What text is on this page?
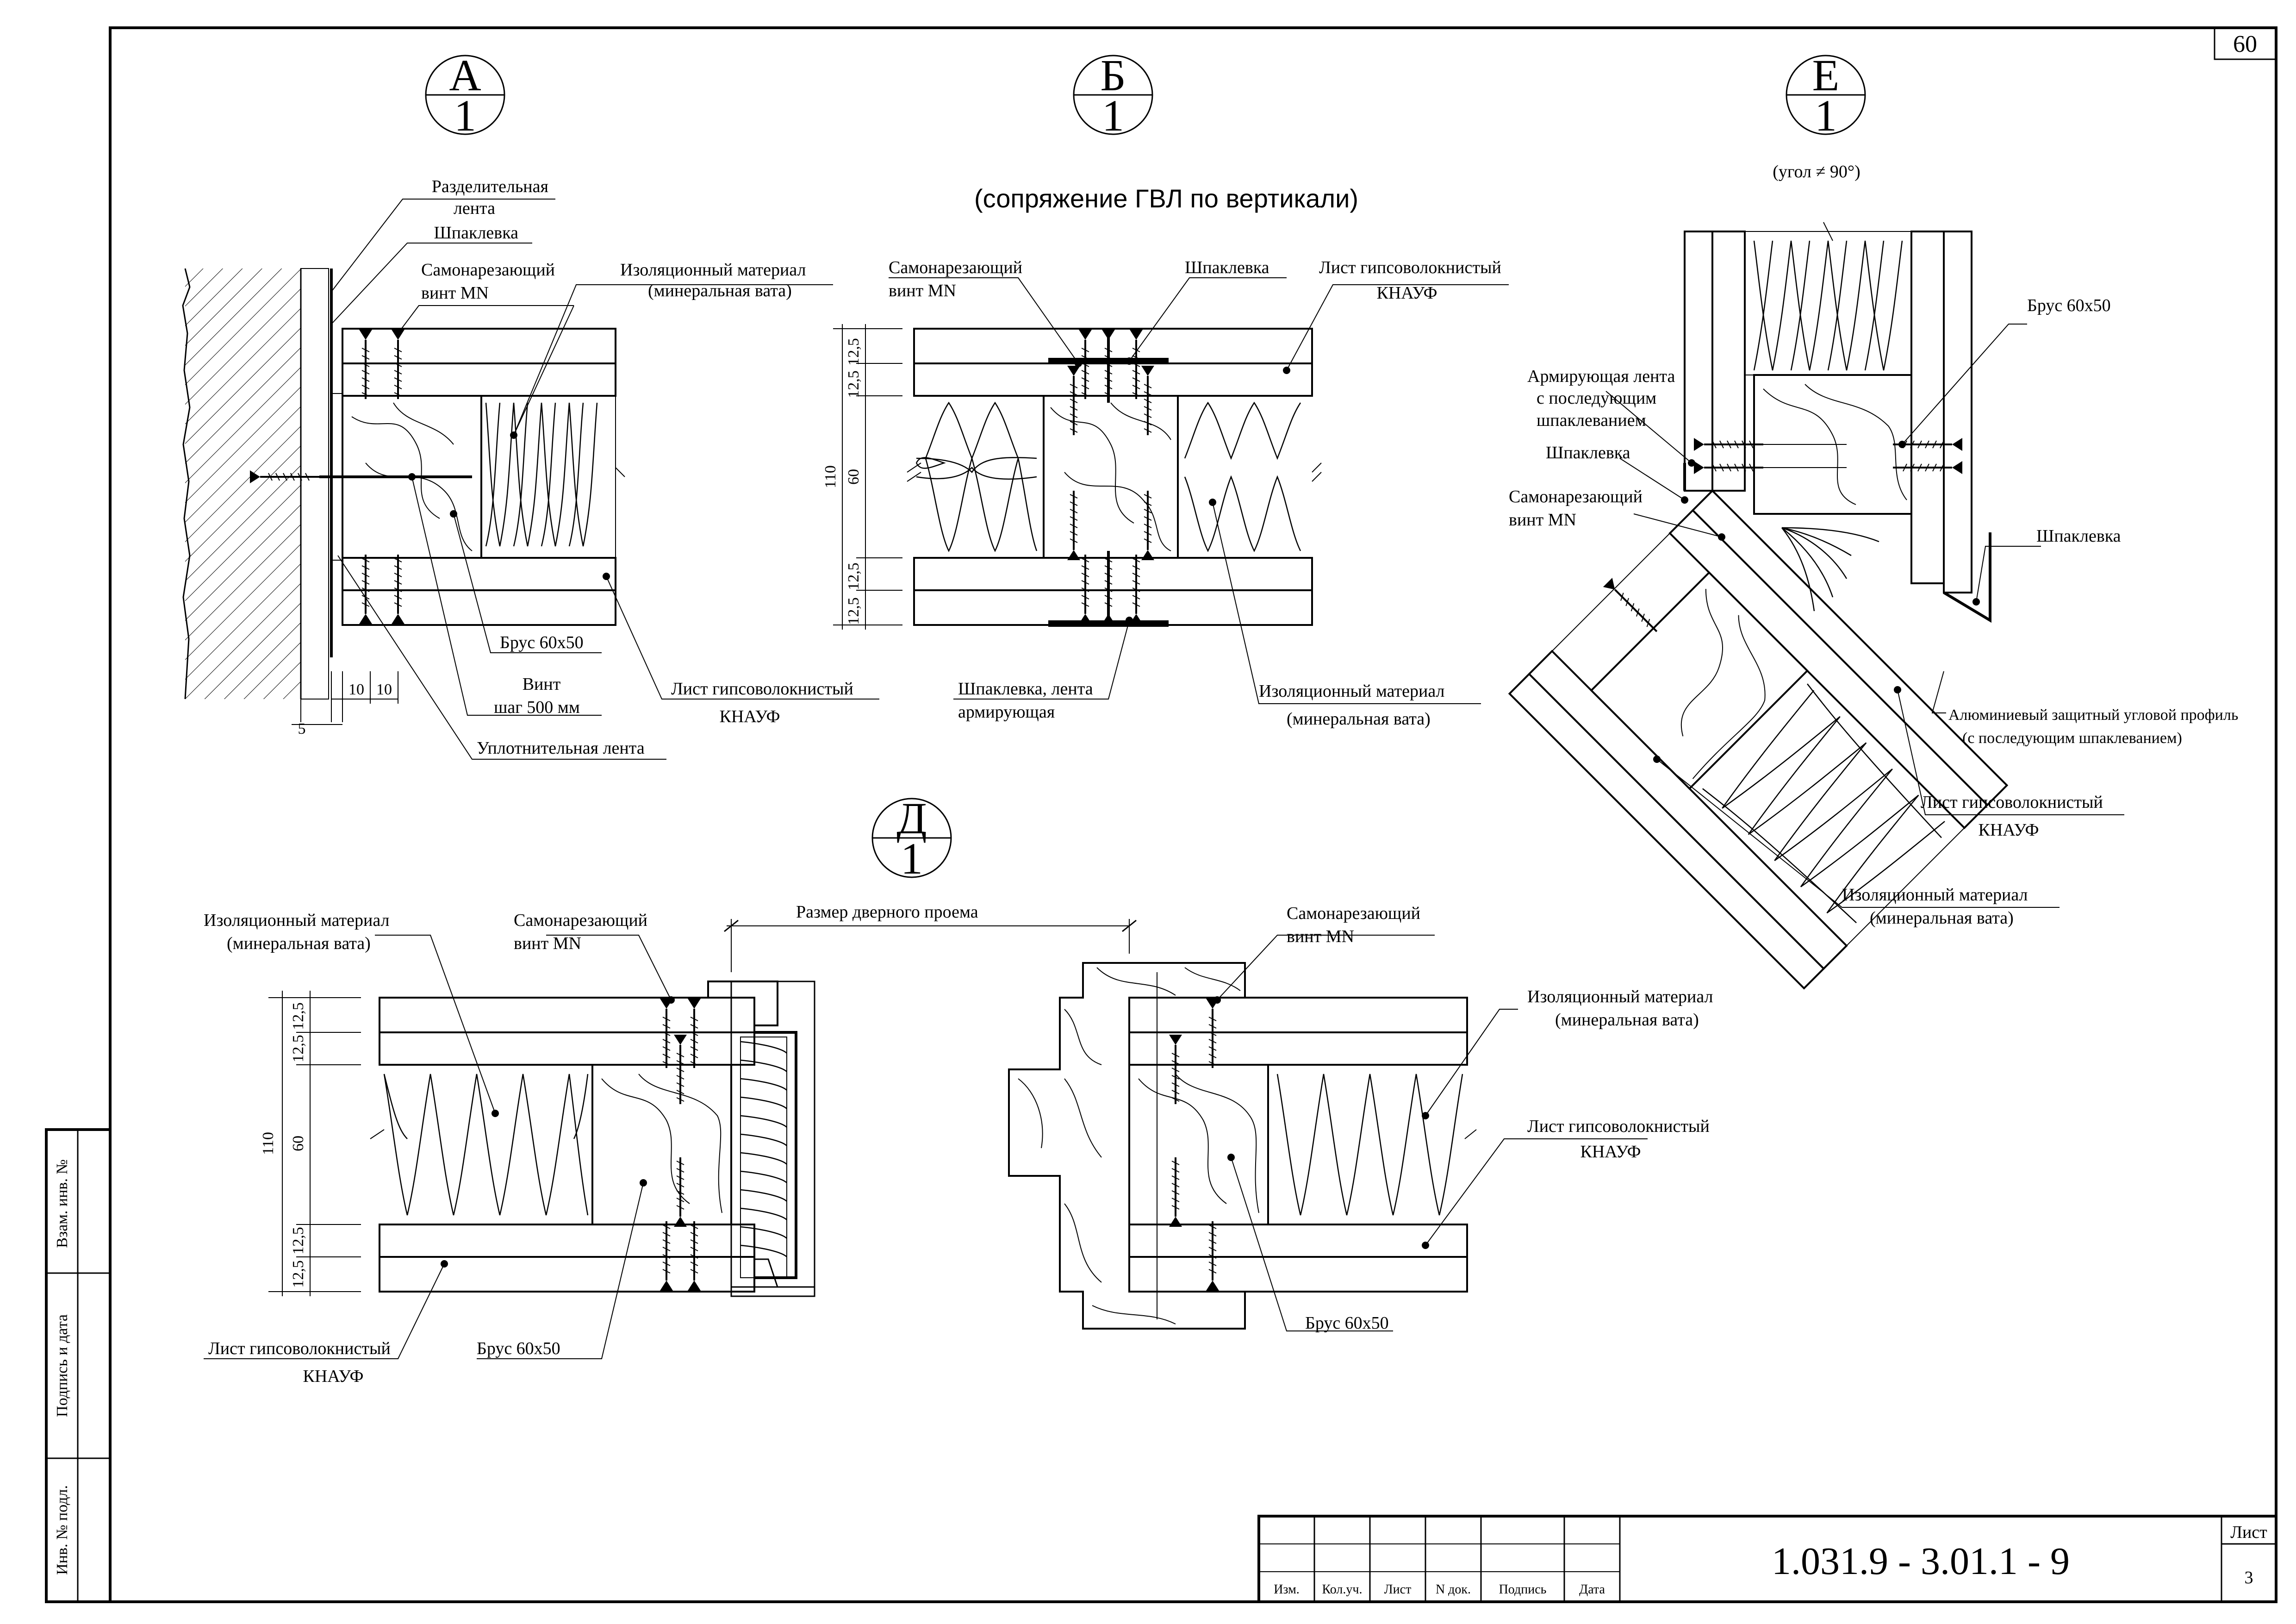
60
Взам. инв. №
Подпись и дата
Инв. № подл.
Изм. Кол.уч. Лист N док. Подпись	Дата
1.031.9 - 3.01.1 - 9
Лист
3
А
1
Б
1
Е
1
Д
1
(сопряжение ГВЛ по вертикали)
(угол ≠ 90°)
10 10
5
Разделительная
лента
Шпаклевка
Самонарезающий
винт MN
Изоляционный материал
(минеральная вата)
Брус 60х50
Винт
шаг 500 мм
Лист гипсоволокнистый
КНАУФ
Уплотнительная лента
12,5
12,5
110 60
12,5
12,5
Самонарезающий
винт MN
Шпаклевка	Лист гипсоволокнистый
КНАУФ
Шпаклевка, лента
армирующая
Изоляционный материал
(минеральная вата)
Брус 60х50
Армирующая лента
с последующим
шпаклеванием
Шпаклевка
Самонарезающий
винт MN
Шпаклевка
Алюминиевый защитный угловой профиль
(с последующим шпаклеванием)
Лист гипсоволокнистый
КНАУФ
Изоляционный материал
(минеральная вата)
12,5
12,5
110 60
12,5
12,5
Изоляционный материал
(минеральная вата)
Самонарезающий
винт MN
Размер дверного проема
Лист гипсоволокнистый
КНАУФ
Брус 60х50
Самонарезающий
винт MN
Изоляционный материал
(минеральная вата)
Лист гипсоволокнистый
КНАУФ
Брус 60х50
